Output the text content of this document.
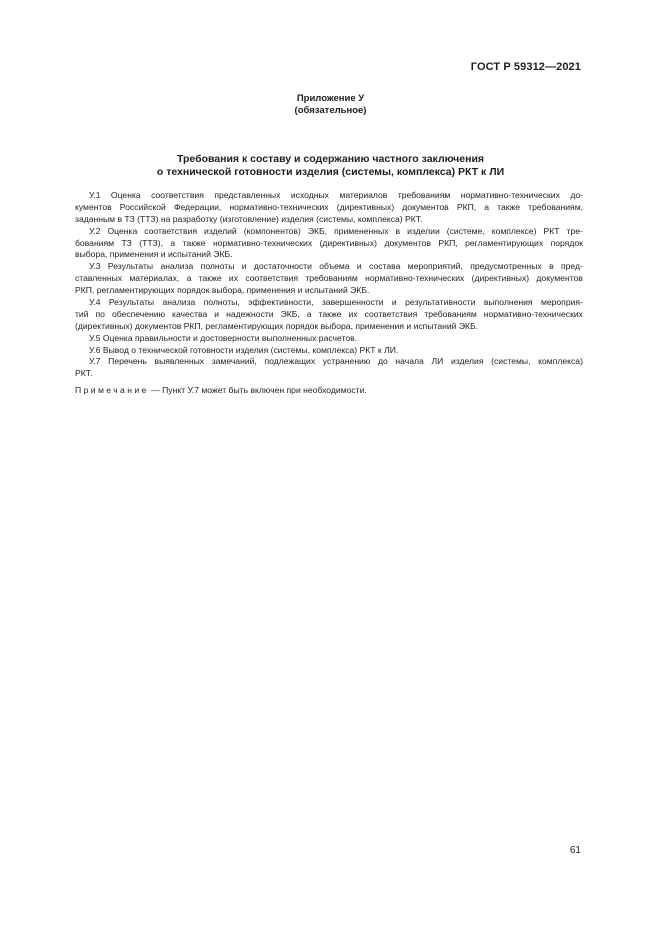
ГОСТ Р 59312—2021
Приложение У
(обязательное)
Требования к составу и содержанию частного заключения
о технической готовности изделия (системы, комплекса) РКТ к ЛИ
У.1 Оценка соответствия представленных исходных материалов требованиям нормативно-технических до-
кументов Российской Федерации, нормативно-технических (директивных) документов РКП, а также требованиям,
заданным в ТЗ (ТТЗ) на разработку (изготовление) изделия (системы, комплекса) РКТ.
У.2 Оценка соответствия изделий (компонентов) ЭКБ, примененных в изделии (системе, комплексе) РКТ тре-
бованиям ТЗ (ТТЗ), а также нормативно-технических (директивных) документов РКП, регламентирующих порядок
выбора, применения и испытаний ЭКБ.
У.3 Результаты анализа полноты и достаточности объема и состава мероприятий, предусмотренных в пред-
ставленных материалах, а также их соответствия требованиям нормативно-технических (директивных) документов
РКП, регламентирующих порядок выбора, применения и испытаний ЭКБ.
У.4 Результаты анализа полноты, эффективности, завершенности и результативности выполнения мероприя-
тий по обеспечению качества и надежности ЭКБ, а также их соответствия требованиям нормативно-технических
(директивных) документов РКП, регламентирующих порядок выбора, применения и испытаний ЭКБ.
У.5 Оценка правильности и достоверности выполненных расчетов.
У.6 Вывод о технической готовности изделия (системы, комплекса) РКТ к ЛИ.
У.7 Перечень выявленных замечаний, подлежащих устранению до начала ЛИ изделия (системы, комплекса)
РКТ.
Примечание — Пункт У.7 может быть включен при необходимости.
61
